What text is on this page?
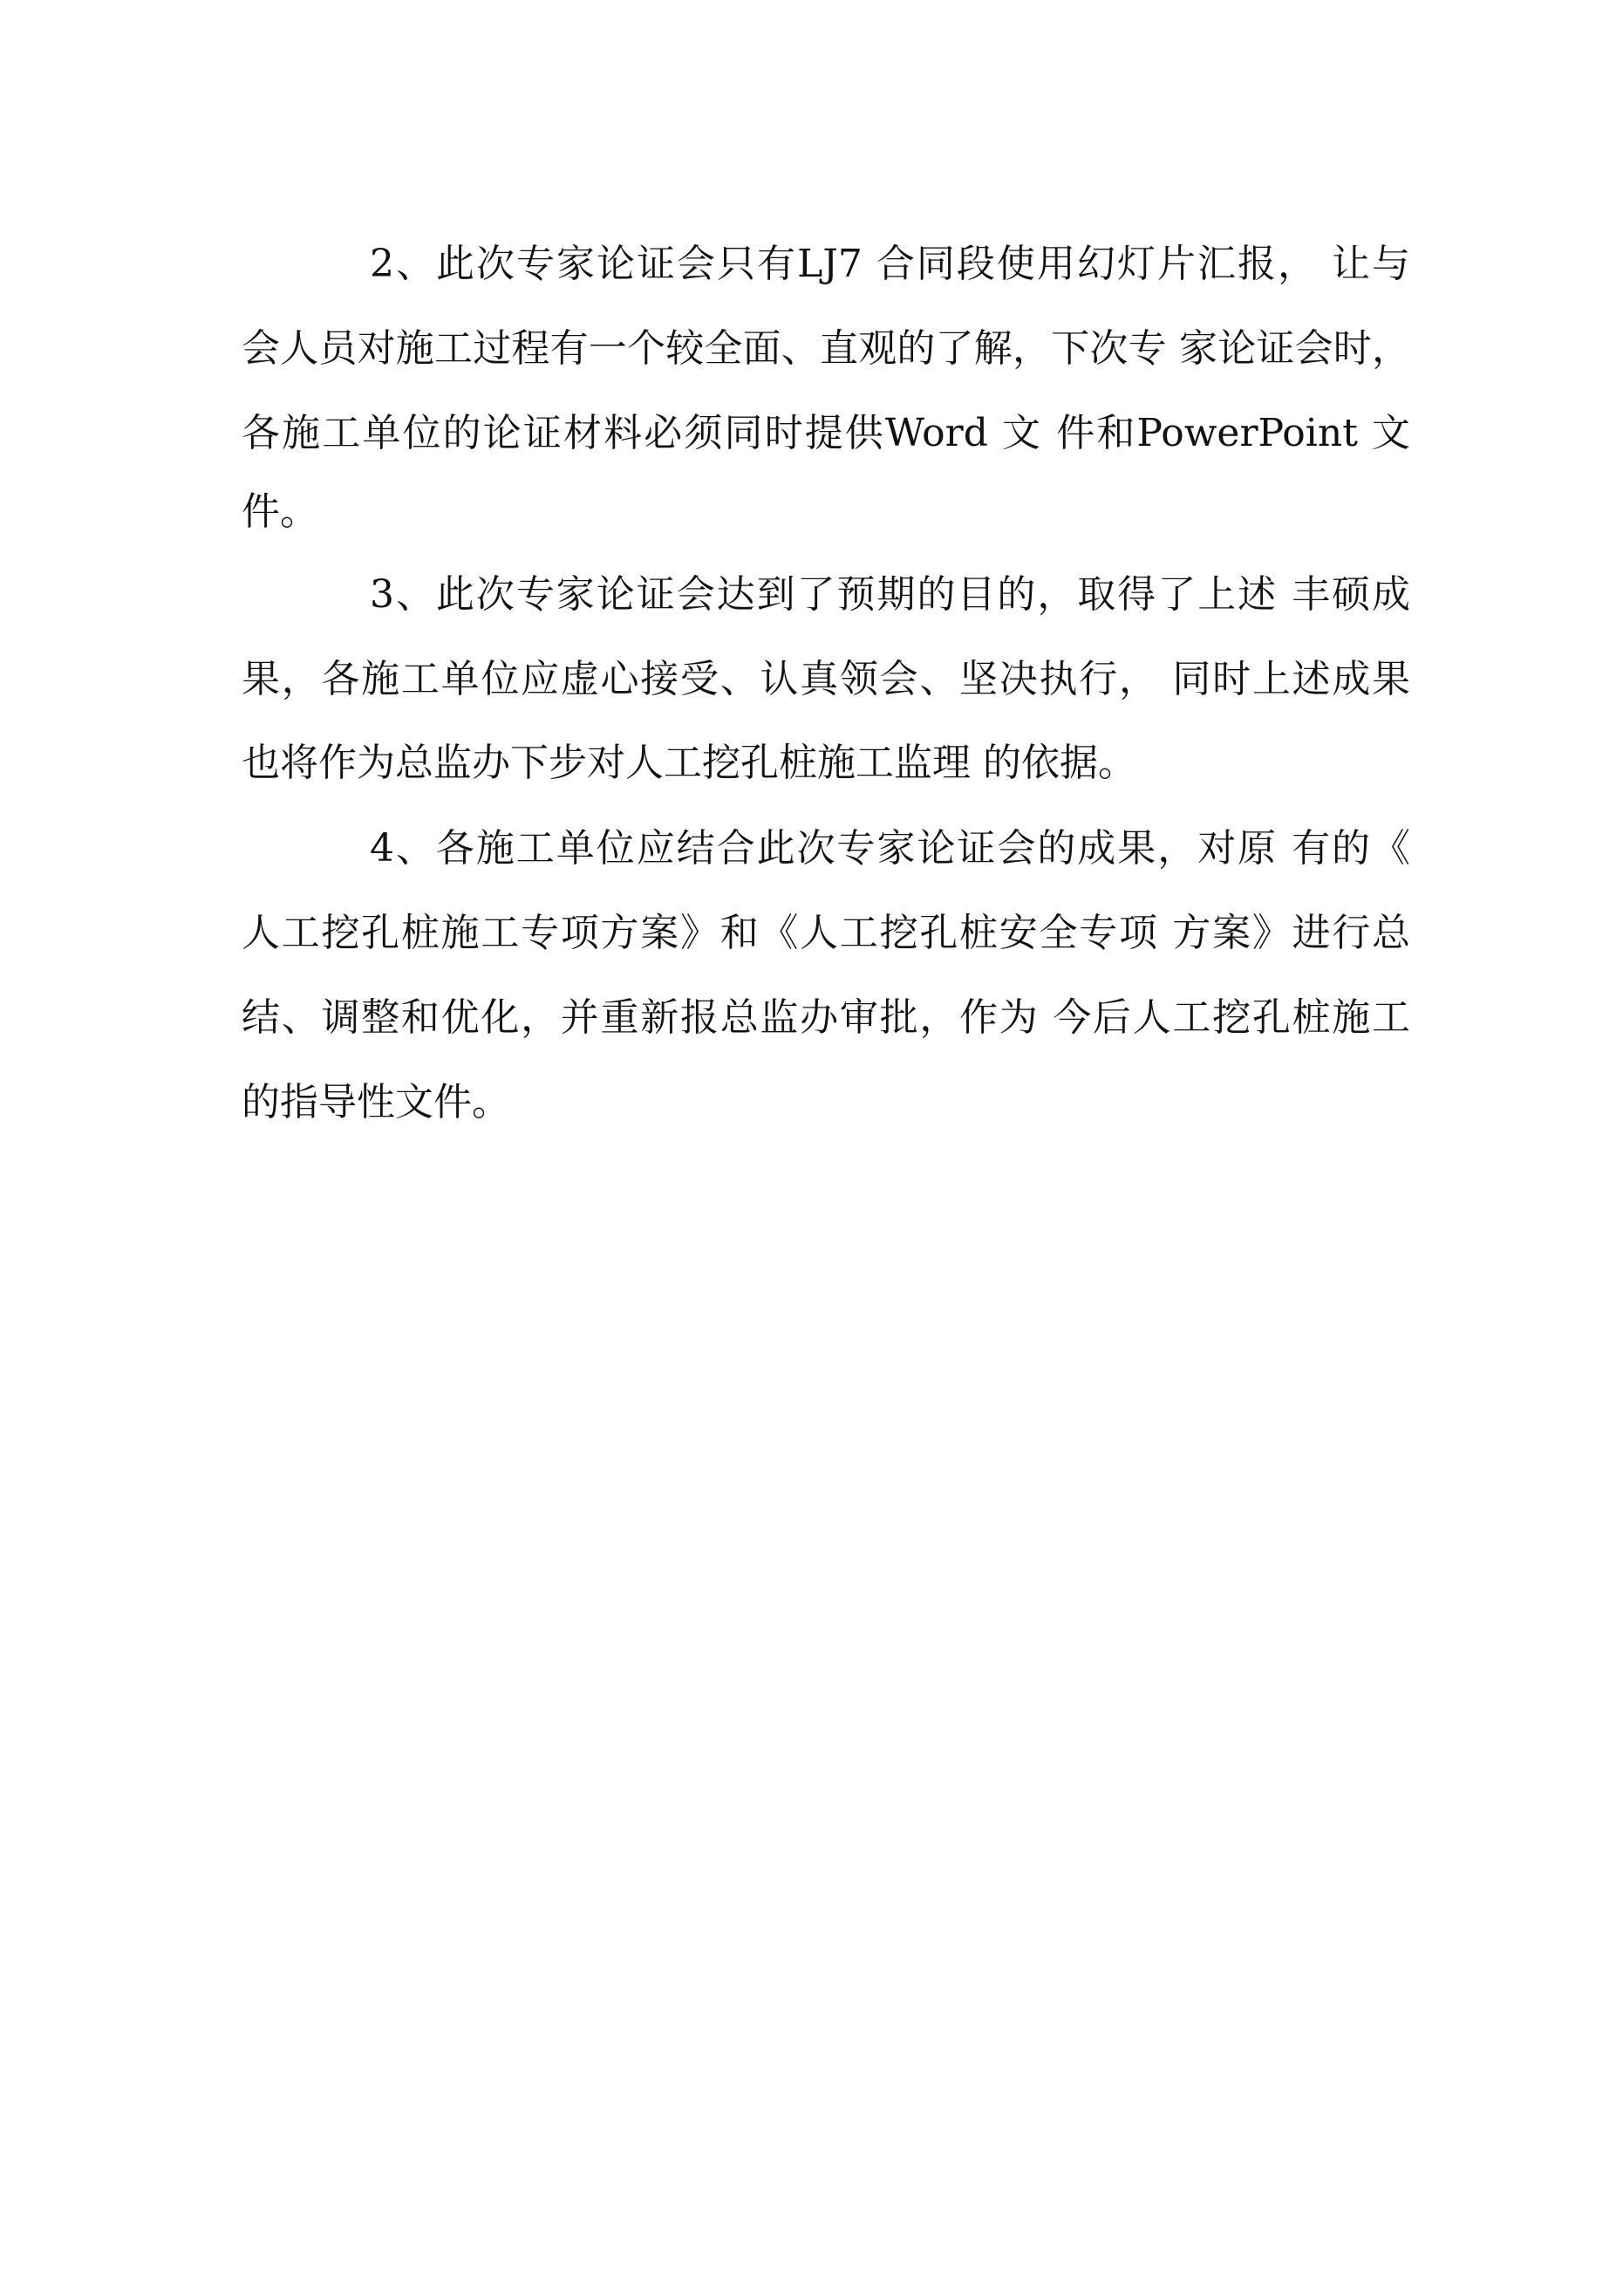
2、此次专家论证会只有LJ7 合同段使用幻灯片汇报， 让与
会人员对施工过程有一个较全面、直观的了解，下次专 家论证会时，
各施工单位的论证材料必须同时提供Word 文 件和PowerPoint 文
件。
3、此次专家论证会达到了预期的目的，取得了上述 丰硕成
果，各施工单位应虚心接受、认真领会、坚决执行， 同时上述成果
也将作为总监办下步对人工挖孔桩施工监理 的依据。
4、各施工单位应结合此次专家论证会的成果，对原 有的《
人工挖孔桩施工专项方案》和《人工挖孔桩安全专项 方案》进行总
结、调整和优化，并重新报总监办审批，作为 今后人工挖孔桩施工
的指导性文件。
